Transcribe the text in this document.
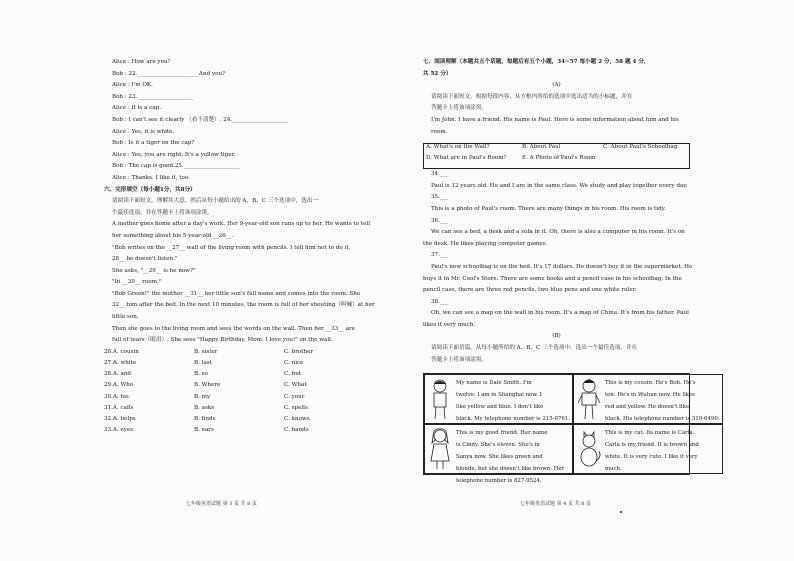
Alice : How are you?
Bob : 22.______________________And you?
Alice : I'm OK.
Bob : 23.____________________
Alice : It is a cap.
Bob : I can't see it clearly （看不清楚）. 24.____________________
Alice : Yes, it is white.
Bob : Is it a tiger on the cap?
Alice : Yes, you are right. It's a yellow tiger.
Bob : The cap is good.25.____________________
Alice : Thanks. I like it, too.
六、完形填空（每小题1分，共8分）
请阅读下面短文，理解其大意，然后从每小题给出的 A、B、C 三个选项中，选出一
个最佳选项，并在答题卡上将该项涂黑。
A mother goes home after a day's work. Her 9-year-old son runs up to her. He wants to tell
her something about his 5-year-old __26__.
"Bob writes on the __27__ wall of the living room with pencils. I tell him not to do it,
28__ he doesn't listen."
She asks, "__29__ is he now?"
"In __30__ room."
"Bob Green!" the mother __31__ her little son's full name and comes into the room. She
32__ him after the bed. In the next 10 minutes, the room is full of her shouting（叫喊）at her
little son.
Then she goes to the living room and sees the words on the wall. Then her __33__ are
full of tears（眼泪）. She sees "Happy Birthday, Mom. I love you!" on the wall.
26.A. cousin	B. sister	C. brother
27.A. white	B. last	C. nice
28.A. and	B. so	C. but
29.A. Who	B. Where	C. What
30.A. his	B. my	C. your
31.A. calls	B. asks	C. spells
32.A. helps	B. finds	C. knows
33.A. eyes	B. ears	C. hands
七年级英语试题 第 3 页 共 8 页
七、阅读理解（本题共五个话题，每题后有五个小题，34~57 每小题 2 分，58 题 4 分，
共 52 分）
(A)
请阅读下面短文，根据每段内容，从方框内所给的选项中选出适当的小标题，并在
答题卡上将该项涂黑。
I'm John. I have a friend. His name is Paul. Here is some information about him and his
room.
A. What's on the Wall?	B. About Paul	C. About Paul's Schoolbag
D. What are in Paul's Room?	E. A Photo of Paul's Room
34.___
Paul is 12 years old. He and I are in the same class. We study and play together every day.
35.___
This is a photo of Paul's room. There are many things in his room. His room is tidy.
36.___
We can see a bed, a desk and a sofa in it. Oh, there is also a computer in his room. It's on
the desk. He likes playing computer games.
37.___
Paul's new schoolbag is on the bed. It's 17 dollars. He doesn't buy it in the supermarket. He
buys it in Mr. Cool's Store. There are some books and a pencil case in his schoolbag. In the
pencil case, there are three red pencils, two blue pens and one white ruler.
38.___
Oh, we can see a map on the wall in his room. It's a map of China. It's from his father. Paul
likes it very much.
(B)
请阅读下面语篇，从每小题所给的 A、B、C 三个选项中，选出一个最佳选项，并在
答题卡上将该项涂黑。
My name is Dale Smith. I'm
twelve. I am in Shanghai now. I
like yellow and blue. I don't like
black. My telephone number is 215-9761.
This is my cousin. He's Bob. He's
ten. He's in Wuhan now. He likes
red and yellow. He doesn't like
black. His telephone number is 319-6490.
This is my good friend. Her name
is Cindy. She's eleven. She's in
Sanya now. She likes green and
blonde, but she doesn't like brown. Her
telephone number is 827-9524.
This is my cat. Its name is Carla.
Carla is my friend. It is brown and
white. It is very cute. I like it very
much.
七年级英语试题 第 4 页 共 8 页
